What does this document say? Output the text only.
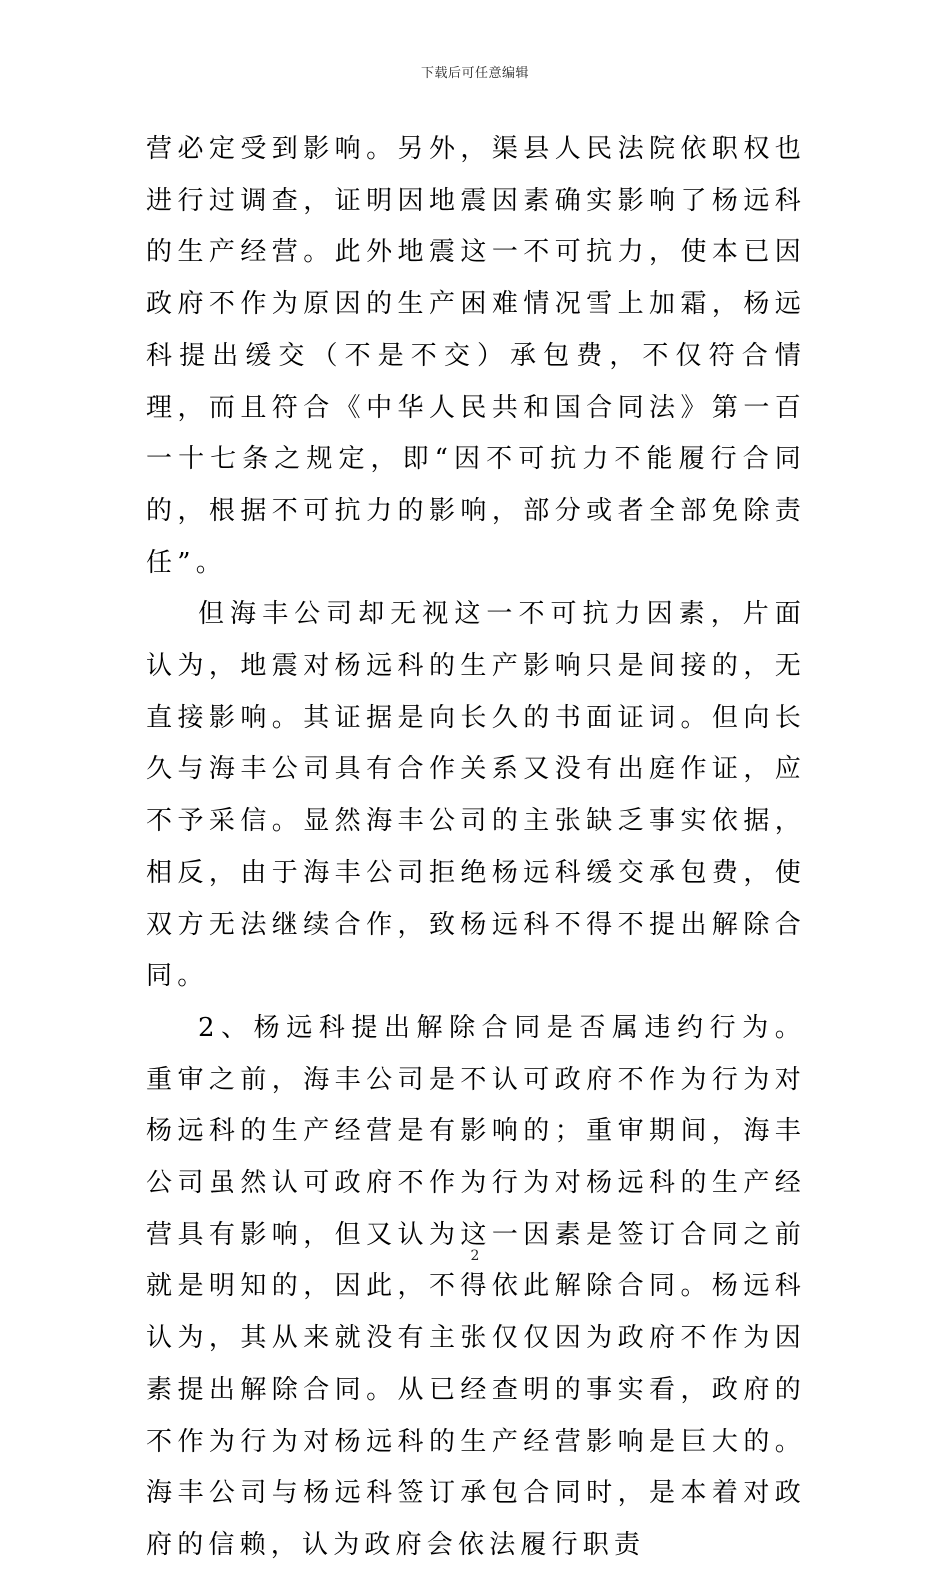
下载后可任意编辑

营必定受到影响。另外，渠县人民法院依职权也进行过调查，证明因地震因素确实影响了杨远科的生产经营。此外地震这一不可抗力，使本已因政府不作为原因的生产困难情况雪上加霜，杨远科提出缓交（不是不交）承包费，不仅符合情理，而且符合《中华人民共和国合同法》第一百一十七条之规定，即“因不可抗力不能履行合同的，根据不可抗力的影响，部分或者全部免除责任”。

但海丰公司却无视这一不可抗力因素，片面认为，地震对杨远科的生产影响只是间接的，无直接影响。其证据是向长久的书面证词。但向长久与海丰公司具有合作关系又没有出庭作证，应不予采信。显然海丰公司的主张缺乏事实依据，相反，由于海丰公司拒绝杨远科缓交承包费，使双方无法继续合作，致杨远科不得不提出解除合同。

2、杨远科提出解除合同是否属违约行为。重审之前，海丰公司是不认可政府不作为行为对杨远科的生产经营是有影响的；重审期间，海丰公司虽然认可政府不作为行为对杨远科的生产经营具有影响，但又认为这一因素是签订合同之前就是明知的，因此，不得依此解除合同。杨远科认为，其从来就没有主张仅仅因为政府不作为因素提出解除合同。从已经查明的事实看，政府的不作为行为对杨远科的生产经营影响是巨大的。海丰公司与杨远科签订承包合同时，是本着对政府的信赖，认为政府会依法履行职责

2
